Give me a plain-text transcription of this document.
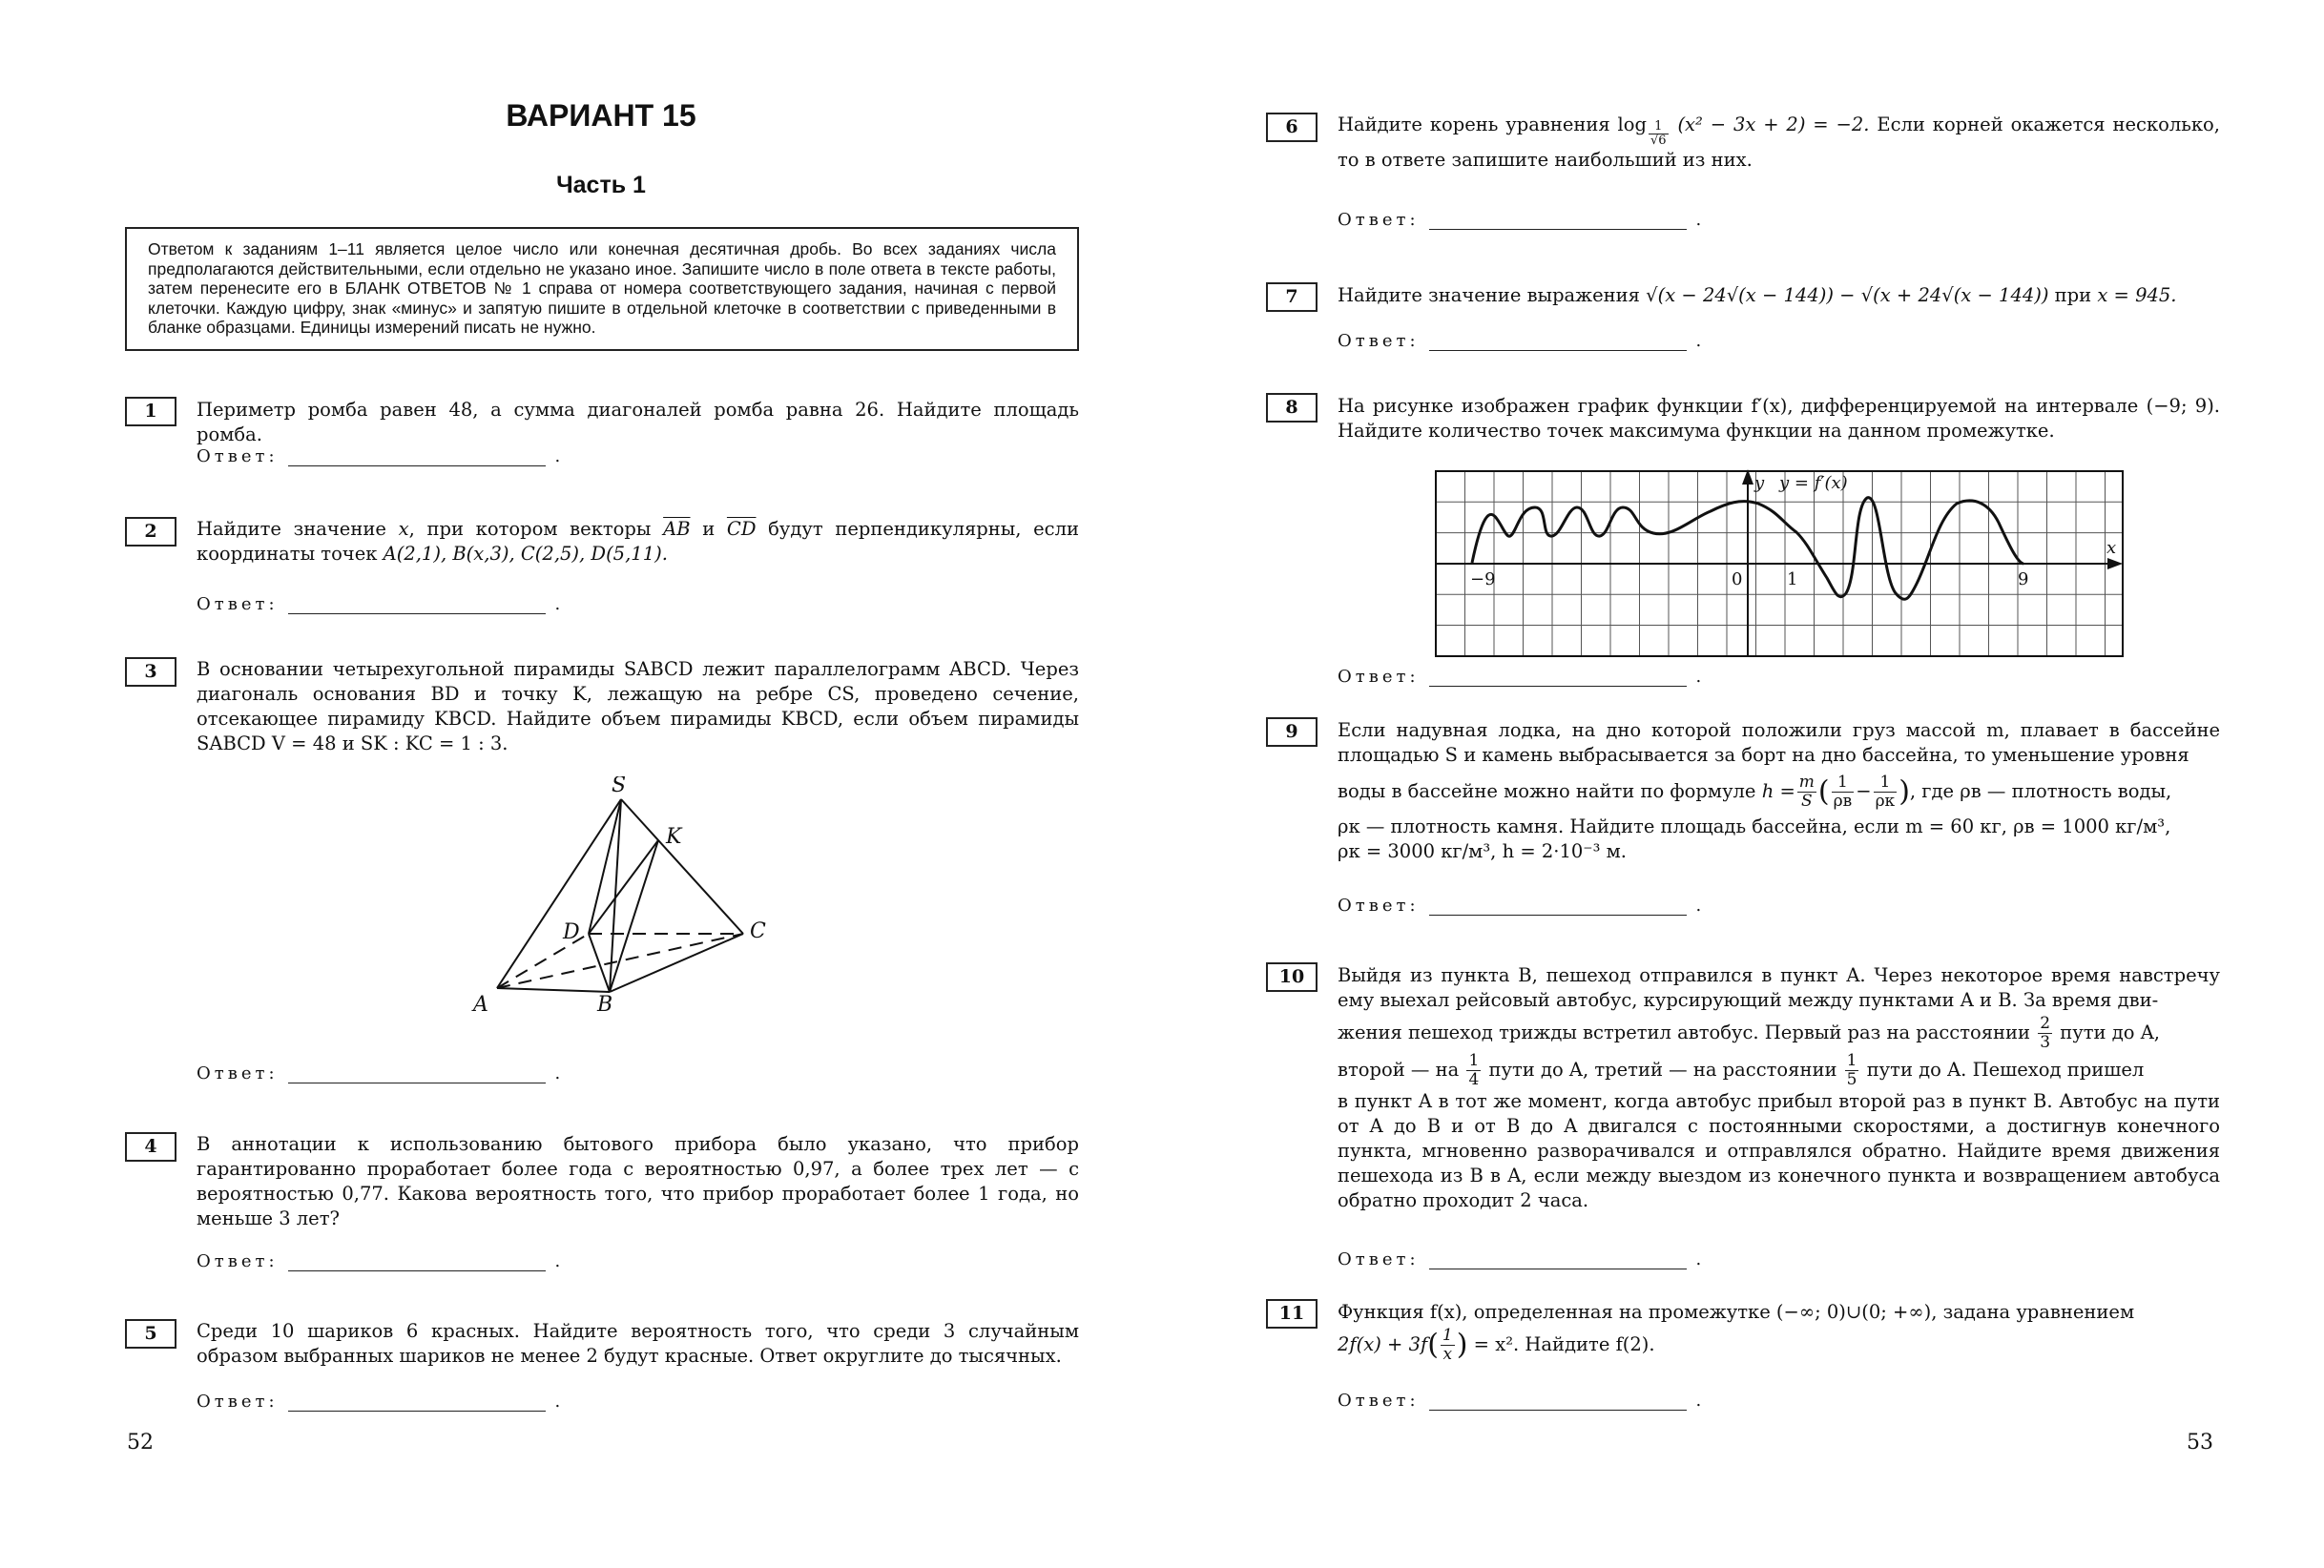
ВАРИАНТ 15
Часть 1
Ответом к заданиям 1–11 является целое число или конечная десятичная дробь. Во всех заданиях числа предполагаются действительными, если отдельно не указано иное. Запишите число в поле ответа в тексте работы, затем перенесите его в БЛАНК ОТВЕТОВ № 1 справа от номера соответствующего задания, начиная с первой клеточки. Каждую цифру, знак «минус» и запятую пишите в отдельной клеточке в соответствии с приведенными в бланке образцами. Единицы измерений писать не нужно.
1	Периметр ромба равен 48, а сумма диагоналей ромба равна 26. Найдите площадь ромба.
Ответ:	.
2	Найдите значение x, при котором векторы $\overline{AB}$ и $\overline{CD}$ будут перпендикулярны, если координаты точек A(2,1), B(x,3), C(2,5), D(5,11).
Ответ:	.
3	В основании четырехугольной пирамиды SABCD лежит параллелограмм ABCD. Через диагональ основания BD и точку K, лежащую на ребре CS, проведено сечение, отсекающее пирамиду KBCD. Найдите объем пирамиды KBCD, если объем пирамиды SABCD V = 48 и SK : KC = 1 : 3.
S
K
D	C
A	B
Ответ:	.
4	В аннотации к использованию бытового прибора было указано, что прибор гарантированно проработает более года с вероятностью 0,97, а более трех лет — с вероятностью 0,77. Какова вероятность того, что прибор проработает более 1 года, но меньше 3 лет?
Ответ:	.
5	Среди 10 шариков 6 красных. Найдите вероятность того, что среди 3 случайным образом выбранных шариков не менее 2 будут красные. Ответ округлите до тысячных.
Ответ:	.
52
6	Найдите корень уравнения $\log \frac{1}{√6} (x^2 - 3x + 2) = -2$. Если корней окажется несколько, то в ответе запишите наибольший из них.
Ответ:	.
7	Найдите значение выражения √(x − 24√(x − 144)) − √(x + 24√(x − 144)) при x = 945.
Ответ:	.
8	На рисунке изображен график функции f′(x), дифференцируемой на интервале (−9; 9). Найдите количество точек максимума функции на данном промежутке.
y
x
y = f′(x)
−9	0	1	9
Ответ:	.
9	Если надувная лодка, на дно которой положили груз массой m, плавает в бассейне площадью S и камень выбрасывается за борт на дно бассейна, то уменьшение уровня
воды в бассейне можно найти по формуле $h = \frac{m}{S}$ ( $\frac{1}{\rho в} - \frac{1}{\rho к}$ ), где ρв — плотность воды,
ρк — плотность камня. Найдите площадь бассейна, если m = 60 кг, ρв = 1000 кг/м³,
ρк = 3000 кг/м³, h = 2·10⁻³ м.
Ответ:	.
10	Выйдя из пункта B, пешеход отправился в пункт A. Через некоторое время навстречу ему выехал рейсовый автобус, курсирующий между пунктами A и B. За время дви-
жения пешеход трижды встретил автобус. Первый раз на расстоянии $\frac{2}{3}$ пути до A,
второй — на $\frac{1}{4}$ пути до A, третий — на расстоянии $\frac{1}{5}$ пути до A. Пешеход пришел
в пункт A в тот же момент, когда автобус прибыл второй раз в пункт B. Автобус на пути от A до B и от B до A двигался с постоянными скоростями, а достигнув конечного пункта, мгновенно разворачивался и отправлялся обратно. Найдите время движения пешехода из B в A, если между выездом из конечного пункта и возвращением автобуса обратно проходит 2 часа.
Ответ:	.
11	Функция f(x), определенная на промежутке (−∞; 0)∪(0; +∞), задана уравнением
$2f(x) + 3f( \frac{1}{x}$ ) = x². Найдите f(2).
Ответ:	.
53
